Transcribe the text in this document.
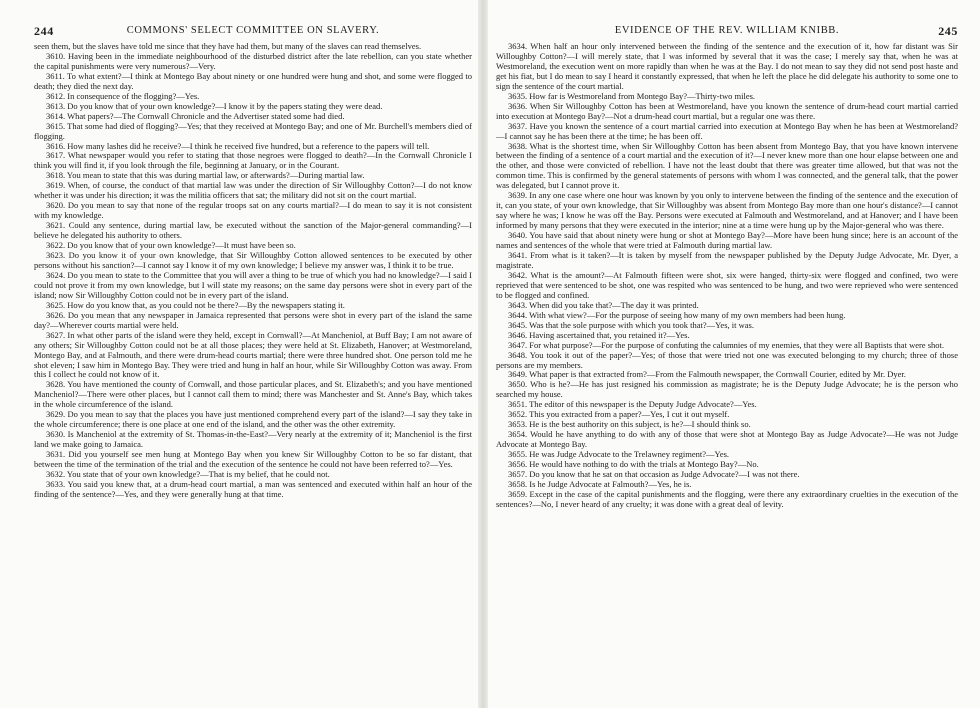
244	COMMONS' SELECT COMMITTEE ON SLAVERY.

seen them, but the slaves have told me since that they have had them, but many of the slaves can read themselves.

3610. Having been in the immediate neighbourhood of the disturbed district after the late rebellion, can you state whether the capital punishments were very numerous?—Very.

3611. To what extent?—I think at Montego Bay about ninety or one hundred were hung and shot, and some were flogged to death; they died the next day.

3612. In consequence of the flogging?—Yes.

3613. Do you know that of your own knowledge?—I know it by the papers stating they were dead.

3614. What papers?—The Cornwall Chronicle and the Advertiser stated some had died.

3615. That some had died of flogging?—Yes; that they received at Montego Bay; and one of Mr. Burchell's members died of flogging.

3616. How many lashes did he receive?—I think he received five hundred, but a reference to the papers will tell.

3617. What newspaper would you refer to stating that those negroes were flogged to death?—In the Cornwall Chronicle I think you will find it, if you look through the file, beginning at January, or in the Courant.

3618. You mean to state that this was during martial law, or afterwards?—During martial law.

3619. When, of course, the conduct of that martial law was under the direction of Sir Willoughby Cotton?—I do not know whether it was under his direction; it was the militia officers that sat; the military did not sit on the court martial.

3620. Do you mean to say that none of the regular troops sat on any courts martial?—I do mean to say it is not consistent with my knowledge.

3621. Could any sentence, during martial law, be executed without the sanction of the Major-general commanding?—I believe he delegated his authority to others.

3622. Do you know that of your own knowledge?—It must have been so.

3623. Do you know it of your own knowledge, that Sir Willoughby Cotton allowed sentences to be executed by other persons without his sanction?—I cannot say I know it of my own knowledge; I believe my answer was, I think it to be true.

3624. Do you mean to state to the Committee that you will aver a thing to be true of which you had no knowledge?—I said I could not prove it from my own knowledge, but I will state my reasons; on the same day persons were shot in every part of the island; now Sir Willoughby Cotton could not be in every part of the island.

3625. How do you know that, as you could not be there?—By the newspapers stating it.

3626. Do you mean that any newspaper in Jamaica represented that persons were shot in every part of the island the same day?—Wherever courts martial were held.

3627. In what other parts of the island were they held, except in Cornwall?—At Mancheniol, at Buff Bay; I am not aware of any others; Sir Willoughby Cotton could not be at all those places; they were held at St. Elizabeth, Hanover; at Westmoreland, Montego Bay, and at Falmouth, and there were drum-head courts martial; there were three hundred shot. One person told me he shot eleven; I saw him in Montego Bay. They were tried and hung in half an hour, while Sir Willoughby Cotton was away. From this I collect he could not know of it.

3628. You have mentioned the county of Cornwall, and those particular places, and St. Elizabeth's; and you have mentioned Mancheniol?—There were other places, but I cannot call them to mind; there was Manchester and St. Anne's Bay, which takes in the whole circumference of the island.

3629. Do you mean to say that the places you have just mentioned comprehend every part of the island?—I say they take in the whole circumference; there is one place at one end of the island, and the other was the other extremity.

3630. Is Mancheniol at the extremity of St. Thomas-in-the-East?—Very nearly at the extremity of it; Mancheniol is the first land we make going to Jamaica.

3631. Did you yourself see men hung at Montego Bay when you knew Sir Willoughby Cotton to be so far distant, that between the time of the termination of the trial and the execution of the sentence he could not have been referred to?—Yes.

3632. You state that of your own knowledge?—That is my belief, that he could not.

3633. You said you knew that, at a drum-head court martial, a man was sentenced and executed within half an hour of the finding of the sentence?—Yes, and they were generally hung at that time.

EVIDENCE OF THE REV. WILLIAM KNIBB.	245

3634. When half an hour only intervened between the finding of the sentence and the execution of it, how far distant was Sir Willoughby Cotton?—I will merely state, that I was informed by several that it was the case; I merely say that, when he was at Westmoreland, the execution went on more rapidly than when he was at the Bay. I do not mean to say they did not send post haste and get his fiat, but I do mean to say I heard it constantly expressed, that when he left the place he did delegate his authority to some one to sign the sentence of the court martial.

3635. How far is Westmoreland from Montego Bay?—Thirty-two miles.

3636. When Sir Willoughby Cotton has been at Westmoreland, have you known the sentence of drum-head court martial carried into execution at Montego Bay?—Not a drum-head court martial, but a regular one was there.

3637. Have you known the sentence of a court martial carried into execution at Montego Bay when he has been at Westmoreland?—I cannot say he has been there at the time; he has been off.

3638. What is the shortest time, when Sir Willoughby Cotton has been absent from Montego Bay, that you have known intervene between the finding of a sentence of a court martial and the execution of it?—I never knew more than one hour elapse between one and the other, and those were convicted of rebellion. I have not the least doubt that there was greater time allowed, but that was not the common time. This is confirmed by the general statements of persons with whom I was connected, and the general talk, that the power was delegated, but I cannot prove it.

3639. In any one case where one hour was known by you only to intervene between the finding of the sentence and the execution of it, can you state, of your own knowledge, that Sir Willoughby was absent from Montego Bay more than one hour's distance?—I cannot say where he was; I know he was off the Bay. Persons were executed at Falmouth and Westmoreland, and at Hanover; and I have been informed by many persons that they were executed in the interior; nine at a time were hung up by the Major-general who was there.

3640. You have said that about ninety were hung or shot at Montego Bay?—More have been hung since; here is an account of the names and sentences of the whole that were tried at Falmouth during martial law.

3641. From what is it taken?—It is taken by myself from the newspaper published by the Deputy Judge Advocate, Mr. Dyer, a magistrate.

3642. What is the amount?—At Falmouth fifteen were shot, six were hanged, thirty-six were flogged and confined, two were reprieved that were sentenced to be shot, one was respited who was sentenced to be hung, and two were reprieved who were sentenced to be flogged and confined.

3643. When did you take that?—The day it was printed.

3644. With what view?—For the purpose of seeing how many of my own members had been hung.

3645. Was that the sole purpose with which you took that?—Yes, it was.

3646. Having ascertained that, you retained it?—Yes.

3647. For what purpose?—For the purpose of confuting the calumnies of my enemies, that they were all Baptists that were shot.

3648. You took it out of the paper?—Yes; of those that were tried not one was executed belonging to my church; three of those persons are my members.

3649. What paper is that extracted from?—From the Falmouth newspaper, the Cornwall Courier, edited by Mr. Dyer.

3650. Who is he?—He has just resigned his commission as magistrate; he is the Deputy Judge Advocate; he is the person who searched my house.

3651. The editor of this newspaper is the Deputy Judge Advocate?—Yes.

3652. This you extracted from a paper?—Yes, I cut it out myself.

3653. He is the best authority on this subject, is he?—I should think so.

3654. Would he have anything to do with any of those that were shot at Montego Bay as Judge Advocate?—He was not Judge Advocate at Montego Bay.

3655. He was Judge Advocate to the Trelawney regiment?—Yes.

3656. He would have nothing to do with the trials at Montego Bay?—No.

3657. Do you know that he sat on that occasion as Judge Advocate?—I was not there.

3658. Is he Judge Advocate at Falmouth?—Yes, he is.

3659. Except in the case of the capital punishments and the flogging, were there any extraordinary cruelties in the execution of the sentences?—No, I never heard of any cruelty; it was done with a great deal of levity.
